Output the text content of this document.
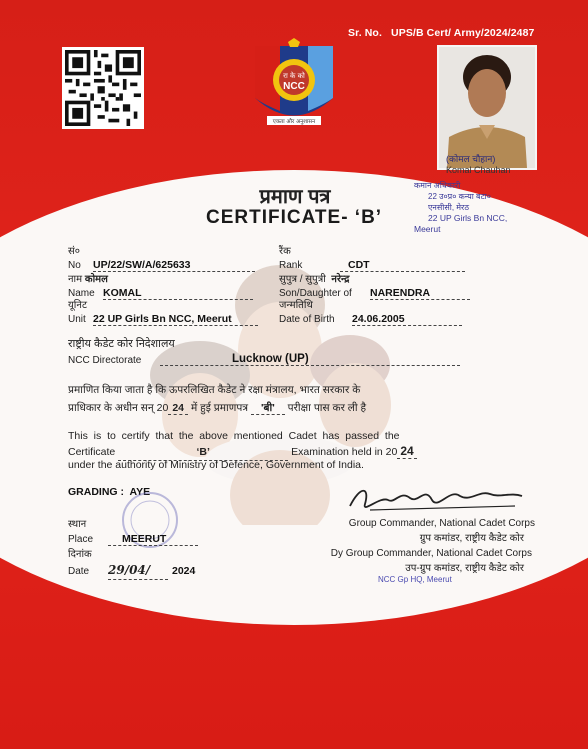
Sr. No. UPS/B Cert/ Army/2024/2487
रा के को
NCC
एकता और अनुशासन
(कोमल चौहान)
Komal Chauhan
कमान अधिकारी
22 उ०प्र० कन्या बटा०
एनसीसी, मेरठ
22 UP Girls Bn NCC,
Meerut
प्रमाण पत्र
CERTIFICATE- ‘B’
सं०
No UP/22/SW/A/625633
नाम कोमल
Name KOMAL
यूनिट
Unit 22 UP Girls Bn NCC, Meerut
रैंक
Rank	CDT
सुपुत्र / सुपुत्री नरेन्द्र
Son/Daughter of NARENDRA
जन्मतिथि
Date of Birth 24.06.2005
राष्ट्रीय कैडेट कोर निदेशालय
NCC Directorate	Lucknow (UP)
प्रमाणित किया जाता है कि ऊपरलिखित कैडेट ने रक्षा मंत्रालय, भारत सरकार के
प्राधिकार के अधीन सन् 20 24 में हुई प्रमाणपत्र 'बी' परीक्षा पास कर ली है
This  is  to  certify  that  the  above  mentioned  Cadet  has  passed  the
Certificate	‘B’	Examination held in 20 24
under the authority of Ministry of Defence, Government of India.
GRADING : AYE
स्थान
Place	MEERUT
दिनांक
Date 29/04/	2024
Group Commander, National Cadet Corps
ग्रुप कमांडर, राष्ट्रीय कैडेट कोर
Dy Group Commander, National Cadet Corps
उप-ग्रुप कमांडर, राष्ट्रीय कैडेट कोर
NCC Gp HQ, Meerut
